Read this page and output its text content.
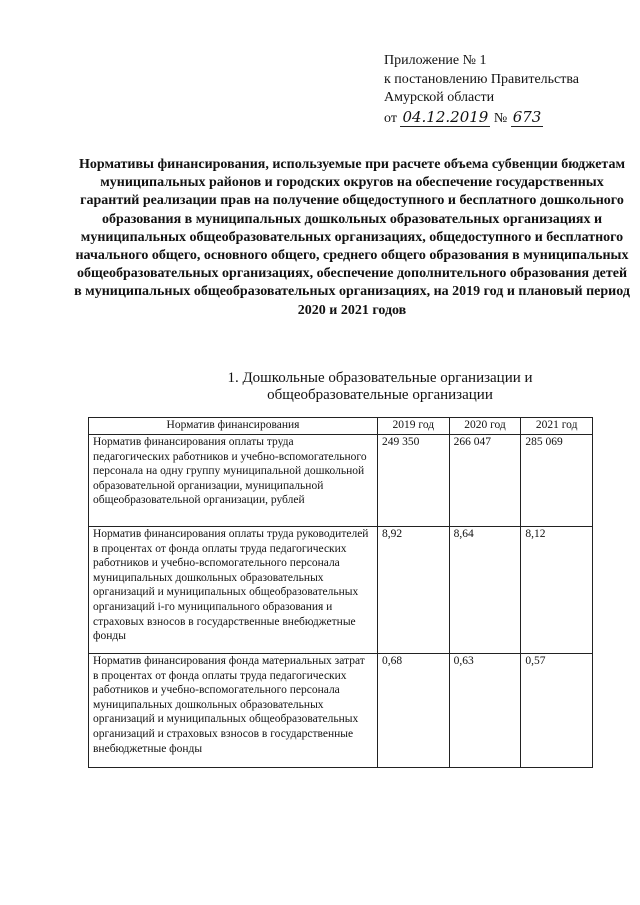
Приложение № 1
к постановлению Правительства
Амурской области
от 04.12.2019 № 673
Нормативы финансирования, используемые при расчете объема субвенции бюджетам муниципальных районов и городских округов на обеспечение государственных гарантий реализации прав на получение общедоступного и бесплатного дошкольного образования в муниципальных дошкольных образовательных организациях и муниципальных общеобразовательных организациях, общедоступного и бесплатного начального общего, основного общего, среднего общего образования в муниципальных общеобразовательных организациях, обеспечение дополнительного образования детей в муниципальных общеобразовательных организациях, на 2019 год и плановый период 2020 и 2021 годов
1. Дошкольные образовательные организации и общеобразовательные организации
Норматив финансирования	2019 год	2020 год	2021 год
Норматив финансирования оплаты труда педагогических работников и учебно-вспомогательного персонала на одну группу муниципальной дошкольной образовательной организации, муниципальной общеобразовательной организации, рублей	249 350	266 047	285 069
Норматив финансирования оплаты труда руководителей в процентах от фонда оплаты труда педагогических работников и учебно-вспомогательного персонала муниципальных дошкольных образовательных организаций и муниципальных общеобразовательных организаций i-го муниципального образования и страховых взносов в государственные внебюджетные фонды	8,92	8,64	8,12
Норматив финансирования фонда материальных затрат в процентах от фонда оплаты труда педагогических работников и учебно-вспомогательного персонала муниципальных дошкольных образовательных организаций и муниципальных общеобразовательных организаций и страховых взносов в государственные внебюджетные фонды	0,68	0,63	0,57
